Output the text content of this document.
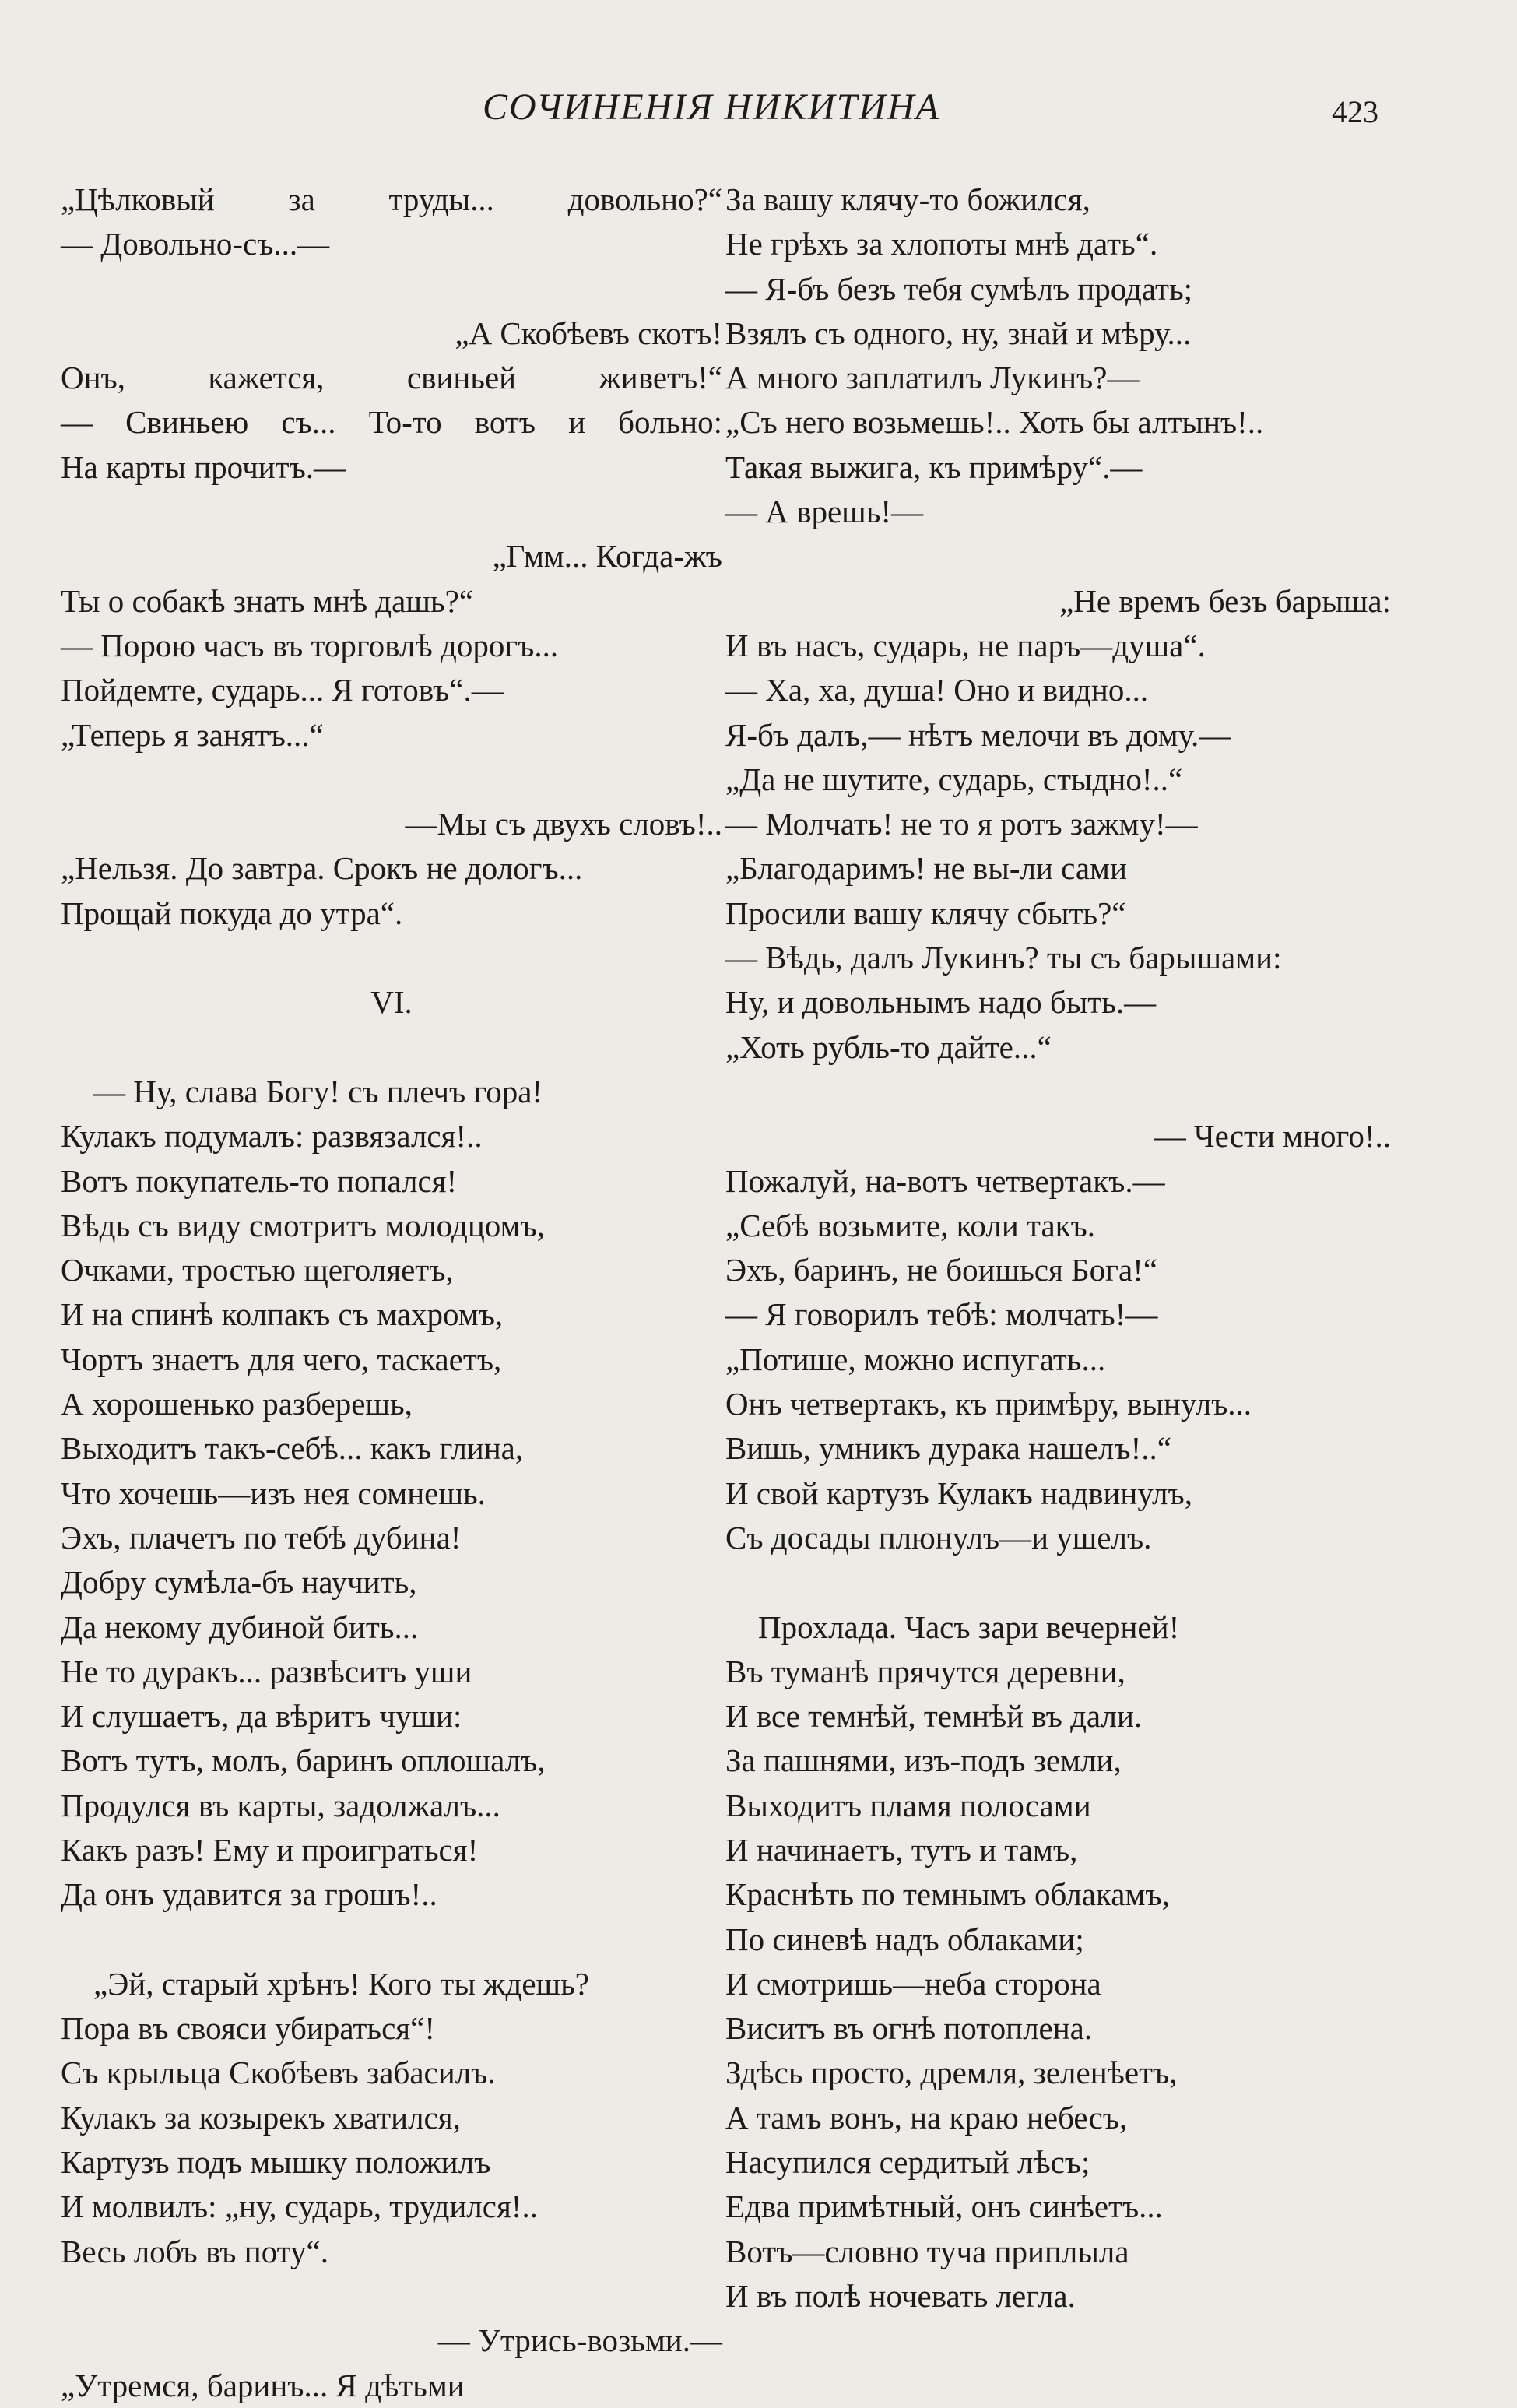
СОЧИНЕНІЯ НИКИТИНА	423
„Цѣлковый за труды... довольно?“
— Довольно-съ...—
„А Скобѣевъ скотъ!
Онъ, кажется, свиньей живетъ!“
— Свиньею съ... То-то вотъ и больно:
На карты прочитъ.—
„Гмм... Когда-жъ
Ты о собакѣ знать мнѣ дашь?“
— Порою часъ въ торговлѣ дорогъ...
Пойдемте, сударь... Я готовъ“.—
„Теперь я занятъ...“
—Мы съ двухъ словъ!..
„Нельзя. До завтра. Срокъ не дологъ...
Прощай покуда до утра“.
VI.
— Ну, слава Богу! съ плечъ гора!
Кулакъ подумалъ: развязался!..
Вотъ покупатель-то попался!
Вѣдь съ виду смотритъ молодцомъ,
Очками, тростью щеголяетъ,
И на спинѣ колпакъ съ махромъ,
Чортъ знаетъ для чего, таскаетъ,
А хорошенько разберешь,
Выходитъ такъ-себѣ... какъ глина,
Что хочешь—изъ нея сомнешь.
Эхъ, плачетъ по тебѣ дубина!
Добру сумѣла-бъ научить,
Да некому дубиной бить...
Не то дуракъ... развѣситъ уши
И слушаетъ, да вѣритъ чуши:
Вотъ тутъ, молъ, баринъ оплошалъ,
Продулся въ карты, задолжалъ...
Какъ разъ! Ему и проиграться!
Да онъ удавится за грошъ!..
„Эй, старый хрѣнъ! Кого ты ждешь?
Пора въ свояси убираться“!
Съ крыльца Скобѣевъ забасилъ.
Кулакъ за козырекъ хватился,
Картузъ подъ мышку положилъ
И молвилъ: „ну, сударь, трудился!..
Весь лобъ въ поту“.
— Утрись-возьми.—
„Утремся, баринъ... Я дѣтьми
За вашу клячу-то божился,
Не грѣхъ за хлопоты мнѣ дать“.
— Я-бъ безъ тебя сумѣлъ продать;
Взялъ съ одного, ну, знай и мѣру...
А много заплатилъ Лукинъ?—
„Съ него возьмешь!.. Хоть бы алтынъ!..
Такая выжига, къ примѣру“.—
— А врешь!—
„Не времъ безъ барыша:
И въ насъ, сударь, не паръ—душа“.
— Ха, ха, душа! Оно и видно...
Я-бъ далъ,— нѣтъ мелочи въ дому.—
„Да не шутите, сударь, стыдно!..“
— Молчать! не то я ротъ зажму!—
„Благодаримъ! не вы-ли сами
Просили вашу клячу сбыть?“
— Вѣдь, далъ Лукинъ? ты съ барышами:
Ну, и довольнымъ надо быть.—
„Хоть рубль-то дайте...“
— Чести много!..
Пожалуй, на-вотъ четвертакъ.—
„Себѣ возьмите, коли такъ.
Эхъ, баринъ, не боишься Бога!“
— Я говорилъ тебѣ: молчать!—
„Потише, можно испугать...
Онъ четвертакъ, къ примѣру, вынулъ...
Вишь, умникъ дурака нашелъ!..“
И свой картузъ Кулакъ надвинулъ,
Съ досады плюнулъ—и ушелъ.
Прохлада. Часъ зари вечерней!
Въ туманѣ прячутся деревни,
И все темнѣй, темнѣй въ дали.
За пашнями, изъ-подъ земли,
Выходитъ пламя полосами
И начинаетъ, тутъ и тамъ,
Краснѣть по темнымъ облакамъ,
По синевѣ надъ облаками;
И смотришь—неба сторона
Виситъ въ огнѣ потоплена.
Здѣсь просто, дремля, зеленѣетъ,
А тамъ вонъ, на краю небесъ,
Насупился сердитый лѣсъ;
Едва примѣтный, онъ синѣетъ...
Вотъ—словно туча приплыла
И въ полѣ ночевать легла.
